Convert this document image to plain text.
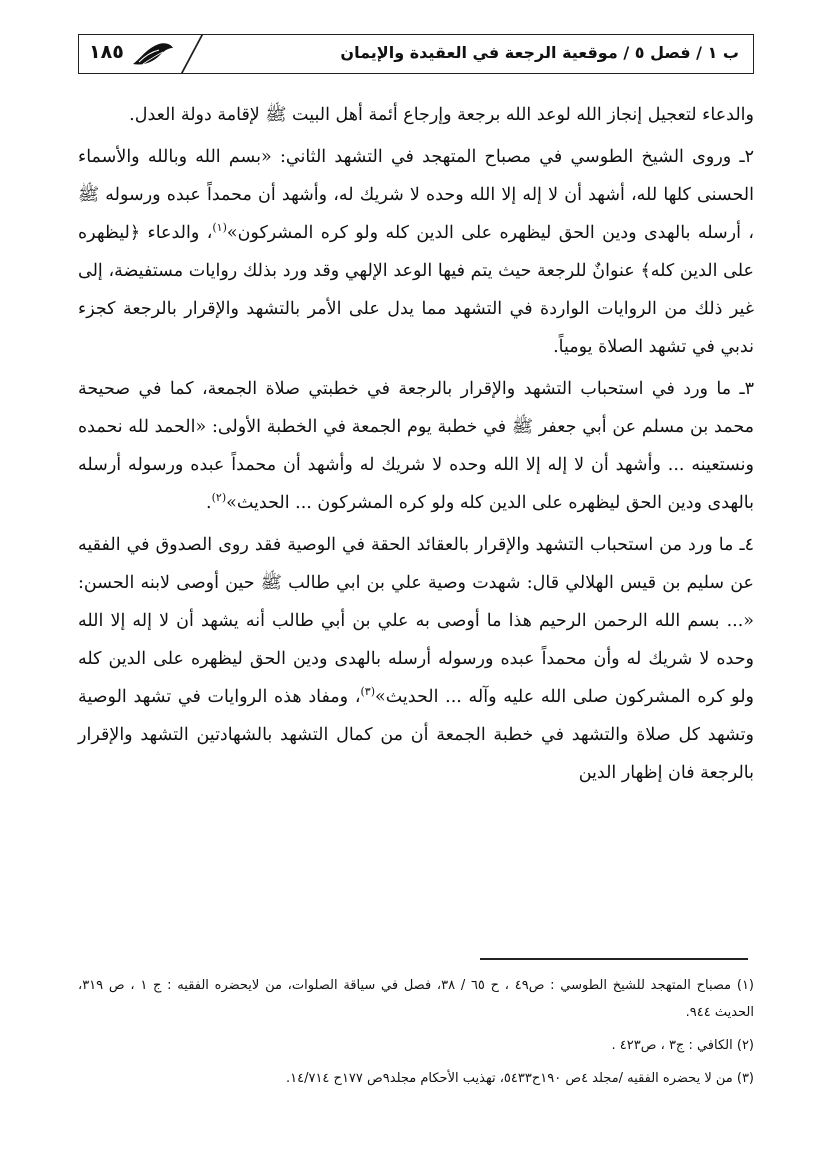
ب ١ / فصل ٥ / موقعية الرجعة في العقيدة والإيمان
١٨٥

والدعاء لتعجيل إنجاز الله لوعد الله برجعة وإرجاع أئمة أهل البيت ﷺ لإقامة دولة العدل.

٢ـ وروى الشيخ الطوسي في مصباح المتهجد في التشهد الثاني: «بسم الله وبالله والأسماء الحسنى كلها لله، أشهد أن لا إله إلا الله وحده لا شريك له، وأشهد أن محمداً عبده ورسوله ﷺ ، أرسله بالهدى ودين الحق ليظهره على الدين كله ولو كره المشركون»$^{(١)}$، والدعاء ﴿ليظهره على الدين كله﴾ عنوانٌ للرجعة حيث يتم فيها الوعد الإلهي وقد ورد بذلك روايات مستفيضة، إلى غير ذلك من الروايات الواردة في التشهد مما يدل على الأمر بالتشهد والإقرار بالرجعة كجزء ندبي في تشهد الصلاة يومياً.

٣ـ ما ورد في استحباب التشهد والإقرار بالرجعة في خطبتي صلاة الجمعة، كما في صحيحة محمد بن مسلم عن أبي جعفر ﷺ في خطبة يوم الجمعة في الخطبة الأولى: «الحمد لله نحمده ونستعينه ... وأشهد أن لا إله إلا الله وحده لا شريك له وأشهد أن محمداً عبده ورسوله أرسله بالهدى ودين الحق ليظهره على الدين كله ولو كره المشركون ... الحديث»$^{(٢)}$.

٤ـ ما ورد من استحباب التشهد والإقرار بالعقائد الحقة في الوصية فقد روى الصدوق في الفقيه عن سليم بن قيس الهلالي قال: شهدت وصية علي بن ابي طالب ﷺ حين أوصى لابنه الحسن: «... بسم الله الرحمن الرحيم هذا ما أوصى به علي بن أبي طالب أنه يشهد أن لا إله إلا الله وحده لا شريك له وأن محمداً عبده ورسوله أرسله بالهدى ودين الحق ليظهره على الدين كله ولو كره المشركون صلى الله عليه وآله ... الحديث»$^{(٣)}$، ومفاد هذه الروايات في تشهد الوصية وتشهد كل صلاة والتشهد في خطبة الجمعة أن من كمال التشهد بالشهادتين التشهد والإقرار بالرجعة فان إظهار الدين

(١) مصباح المتهجد للشيخ الطوسي : ص٤٩ ، ح ٦٥ / ٣٨، فصل في سياقة الصلوات، من لايحضره الفقيه : ج ١ ، ص ٣١٩، الحديث ٩٤٤.

(٢) الكافي : ج٣ ، ص٤٢٣ .

(٣) من لا يحضره الفقيه /مجلد ٤ص ١٩٠ح٥٤٣٣، تهذيب الأحكام مجلد٩ص ١٧٧ح ١٤/٧١٤.
